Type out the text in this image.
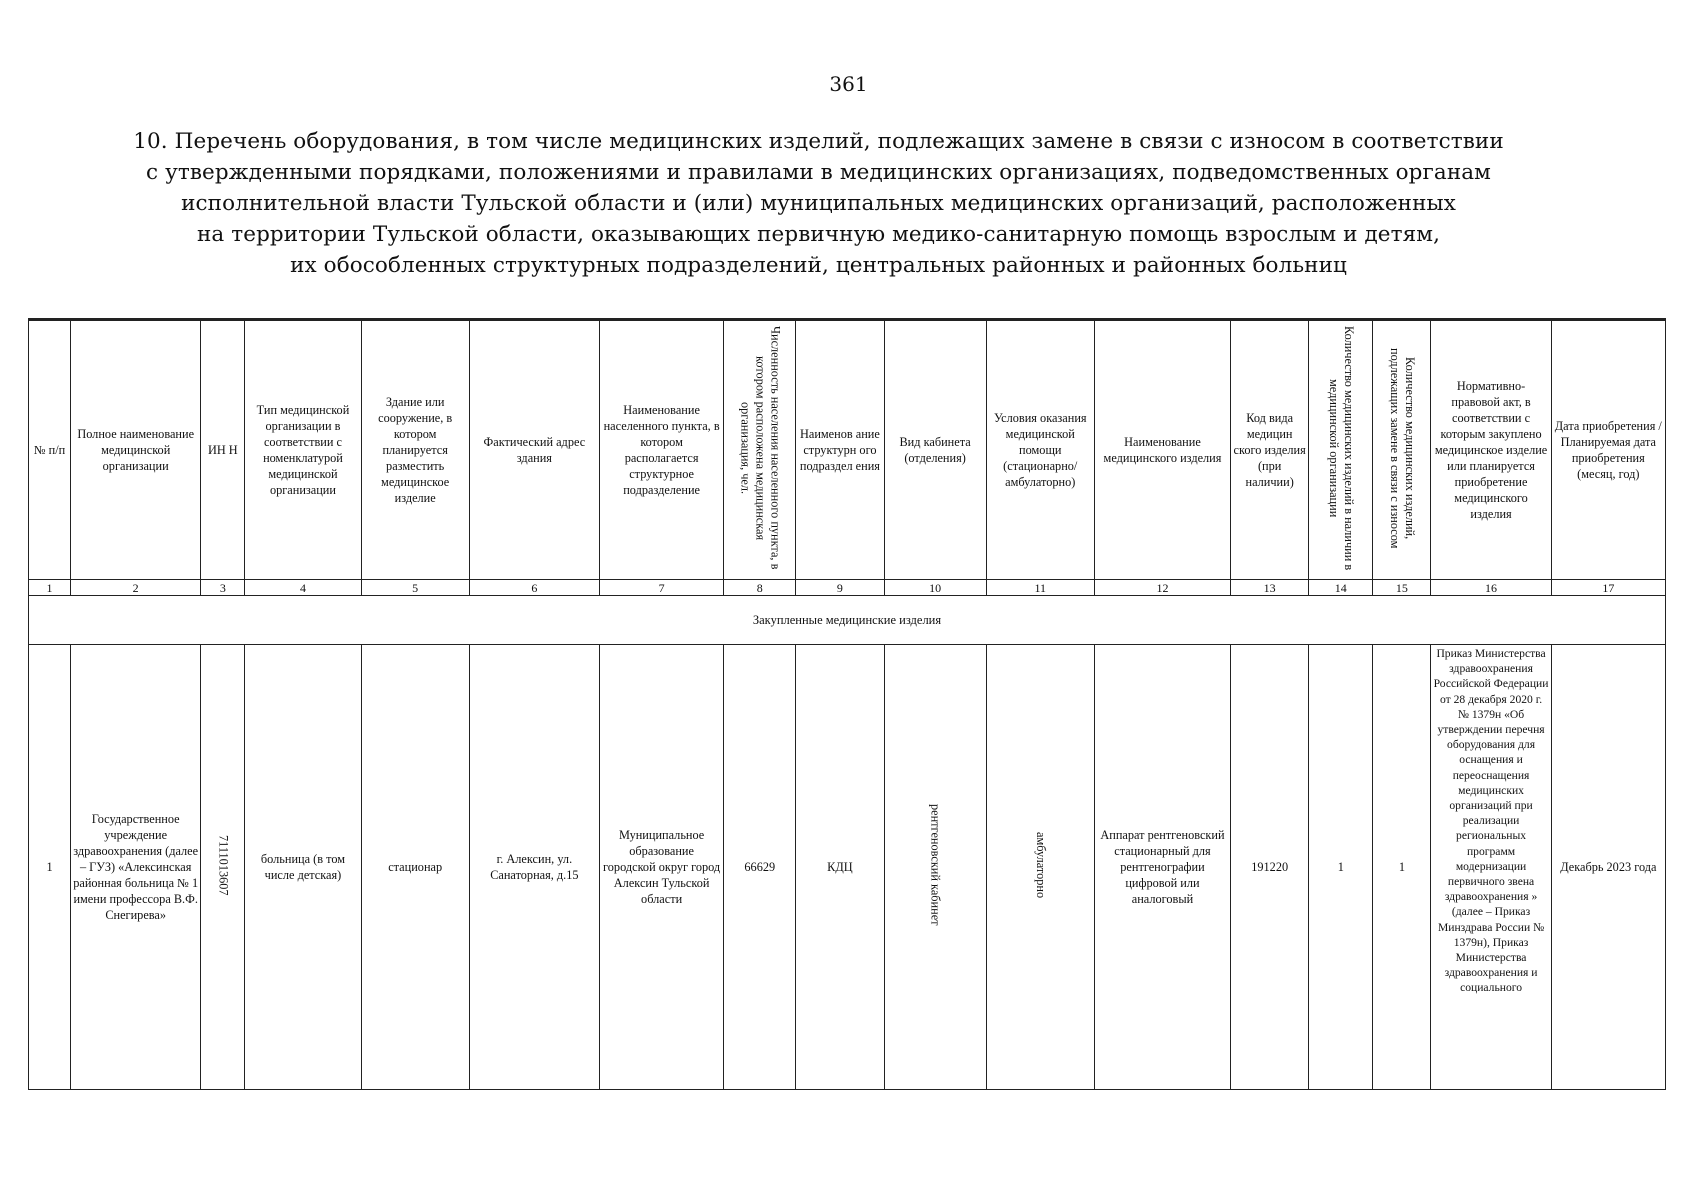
361
10. Перечень оборудования, в том числе медицинских изделий, подлежащих замене в связи с износом в соответствии
с утвержденными порядками, положениями и правилами в медицинских организациях, подведомственных органам
исполнительной власти Тульской области и (или) муниципальных медицинских организаций, расположенных
на территории Тульской области, оказывающих первичную медико-санитарную помощь взрослым и детям,
их обособленных структурных подразделений, центральных районных и районных больниц
№ п/п	Полное наименование медицинской организации	ИН Н	Тип медицинской организации в соответствии с номенклатурой медицинской организации	Здание или сооружение, в котором планируется разместить медицинское изделие	Фактический адрес здания	Наименование населенного пункта, в котором располагается структурное подразделение	Численность населения населенного пункта, в котором расположена медицинская организация, чел.	Наименов ание структурн ого подраздел ения	Вид кабинета (отделения)	Условия оказания медицинской помощи (стационарно/ амбулаторно)	Наименование медицинского изделия	Код вида медицин ского изделия (при наличии)	Количество медицинских изделий в наличии в медицинской организации	Количество медицинских изделий, подлежащих замене в связи с износом	Нормативно-правовой акт, в соответствии с которым закуплено медицинское изделие или планируется приобретение медицинского изделия	Дата приобретения / Планируемая дата приобретения (месяц, год)
1	2	3	4	5	6	7	8	9	10	11	12	13	14	15	16	17
Закупленные медицинские изделия																
1	Государственное учреждение здравоохранения (далее – ГУЗ) «Алексинская районная больница № 1 имени профессора В.Ф. Снегирева»	7111013607	больница (в том числе детская)	стационар	г. Алексин, ул. Санаторная, д.15	Муниципальное образование городской округ город Алексин Тульской области	66629	КДЦ	рентгеновский кабинет	амбулаторно	Аппарат рентгеновский стационарный для рентгенографии цифровой или аналоговый	191220	1	1	Приказ Министерства здравоохранения Российской Федерации от 28 декабря 2020 г. № 1379н «Об утверждении перечня оборудования для оснащения и переоснащения медицинских организаций при реализации региональных программ модернизации первичного звена здравоохранения » (далее – Приказ Минздрава России № 1379н), Приказ Министерства здравоохранения и социального	Декабрь 2023 года
